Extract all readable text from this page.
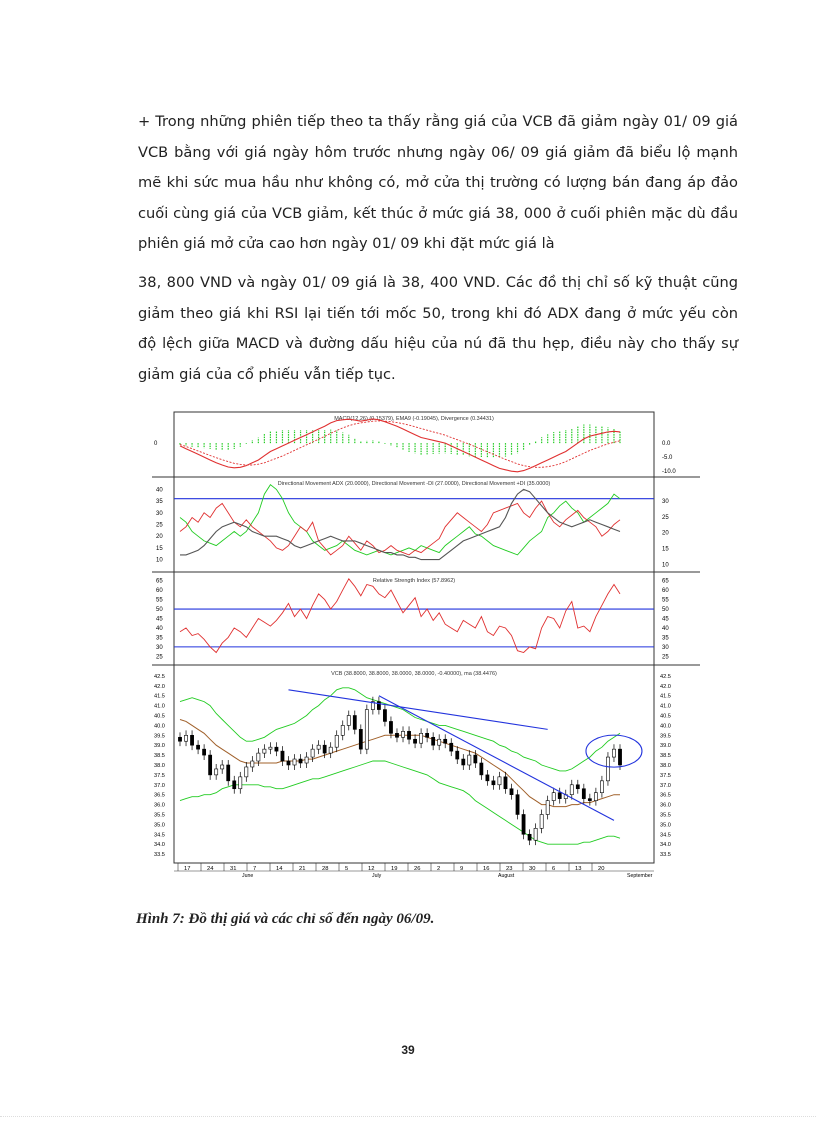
+ Trong những phiên tiếp theo ta thấy rằng giá của VCB đã giảm ngày 01/ 09 giá VCB bằng với giá ngày hôm trước nhưng ngày 06/ 09 giá giảm đã biểu lộ mạnh mẽ khi sức mua hầu như không có, mở cửa thị trường có lượng bán đang áp đảo cuối cùng giá của VCB giảm, kết thúc ở mức giá 38, 000 ở cuối phiên mặc dù đầu phiên giá mở cửa cao hơn ngày 01/ 09 khi đặt mức giá là

38, 800 VND và ngày 01/ 09 giá là 38, 400 VND. Các đồ thị chỉ số kỹ thuật cũng giảm theo giá khi RSI lại tiến tới mốc 50, trong khi đó ADX đang ở mức yếu còn độ lệch giữa MACD và đường dấu hiệu của nú đã thu hẹp, điều này cho thấy sự giảm giá của cổ phiếu vẫn tiếp tục.

MACD(12,26) (0.15379), EMA9 (-0.19045), Divergence (0.34431)
Directional Movement ADX (20.0000), Directional Movement -DI (27.0000), Directional Movement +DI (35.0000)
Relative Strength Index (57.8962)
VCB (38.8000, 38.8000, 38.0000, 38.0000, -0.40000), ma (38.4476)
0	0.0
-5.0
-10.0
40
35
30
25
20
15
10
30
25
20
15
10
65	65
60	60
55	55
50	50
45	45
40	40
35	35
30	30
25	25
42.5	42.5
42.0	42.0
41.5	41.5
41.0	41.0
40.5	40.5
40.0	40.0
39.5	39.5
39.0	39.0
38.5	38.5
38.0	38.0
37.5	37.5
37.0	37.0
36.5	36.5
36.0	36.0
35.5	35.5
35.0	35.0
34.5	34.5
34.0	34.0
33.5	33.5
17	24	31	7	14	21	28	5	12	19	26	2	9	16	23	30	6	13	20
June	July	August	September

Hình 7: Đồ thị giá và các chỉ số đến ngày 06/09.

39
